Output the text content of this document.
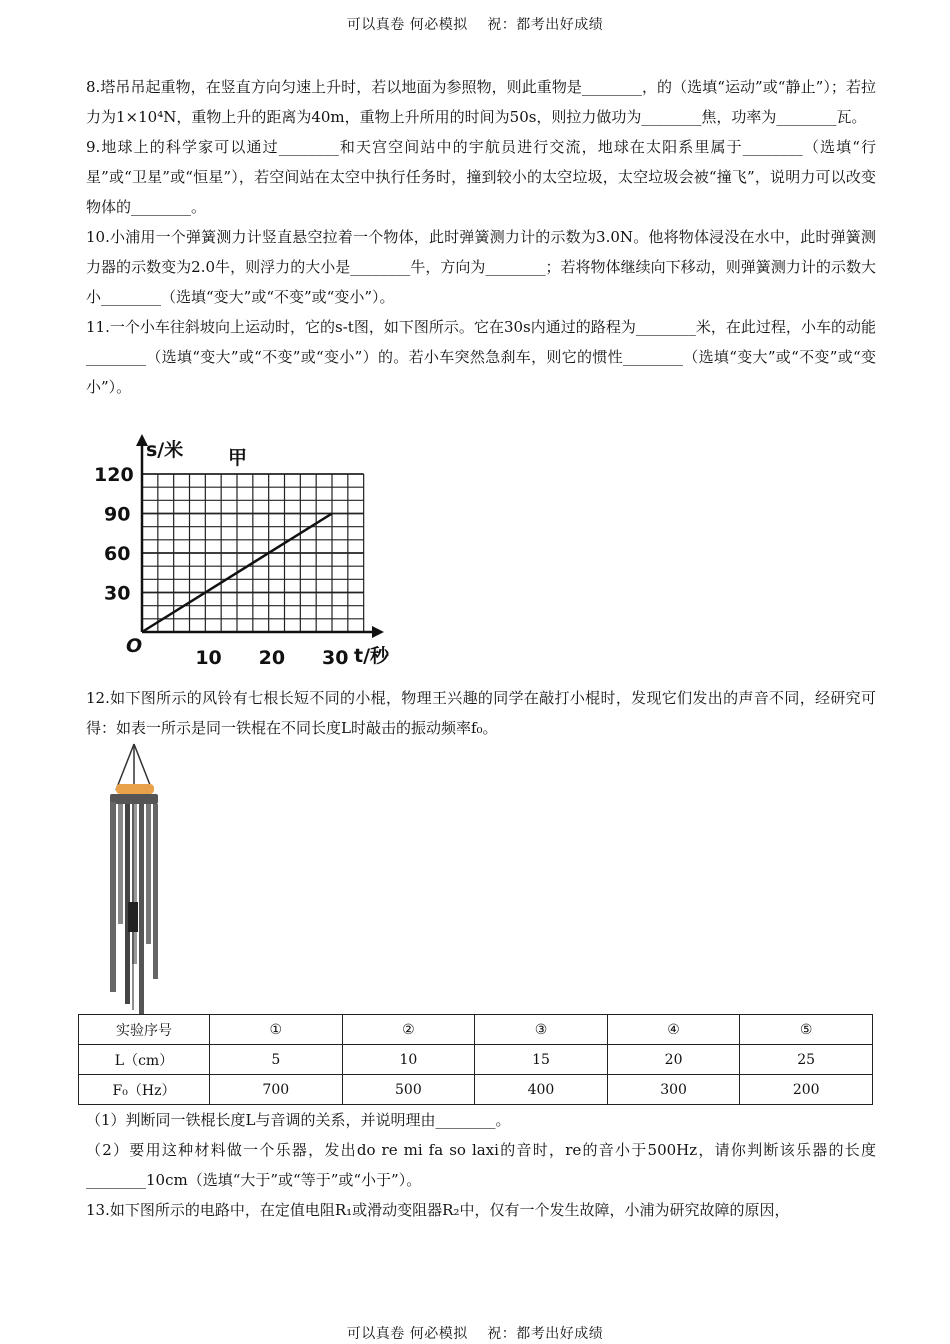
可以真卷 何必模拟　 祝：都考出好成绩

8.塔吊吊起重物，在竖直方向匀速上升时，若以地面为参照物，则此重物是________，的（选填“运动”或“静止”）；若拉力为1×10⁴N，重物上升的距离为40m，重物上升所用的时间为50s，则拉力做功为________焦，功率为________瓦。

9.地球上的科学家可以通过________和天宫空间站中的宇航员进行交流，地球在太阳系里属于________（选填“行星”或“卫星”或“恒星”），若空间站在太空中执行任务时，撞到较小的太空垃圾，太空垃圾会被“撞飞”，说明力可以改变物体的________。

10.小浦用一个弹簧测力计竖直悬空拉着一个物体，此时弹簧测力计的示数为3.0N。他将物体浸没在水中，此时弹簧测力器的示数变为2.0牛，则浮力的大小是________牛，方向为________；若将物体继续向下移动，则弹簧测力计的示数大小________（选填“变大”或“不变”或“变小”）。

11.一个小车往斜坡向上运动时，它的s-t图，如下图所示。它在30s内通过的路程为________米，在此过程，小车的动能________（选填“变大”或“不变”或“变小”）的。若小车突然急刹车，则它的惯性________（选填“变大”或“不变”或“变小”）。

10 20 30
30
60
90
120
s/米 甲
t/秒
O

12.如下图所示的风铃有七根长短不同的小棍，物理王兴趣的同学在敲打小棍时，发现它们发出的声音不同，经研究可得：如表一所示是同一铁棍在不同长度L时敲击的振动频率f₀。

实验序号	①	②	③	④	⑤
L（cm）	5	10	15	20	25
F₀（Hz）	700	500	400	300	200

（1）判断同一铁棍长度L与音调的关系，并说明理由________。

（2）要用这种材料做一个乐器，发出do re mi fa so laxi的音时，re的音小于500Hz，请你判断该乐器的长度________10cm（选填“大于”或“等于”或“小于”）。

13.如下图所示的电路中，在定值电阻R₁或滑动变阻器R₂中，仅有一个发生故障，小浦为研究故障的原因，

可以真卷 何必模拟　 祝：都考出好成绩
